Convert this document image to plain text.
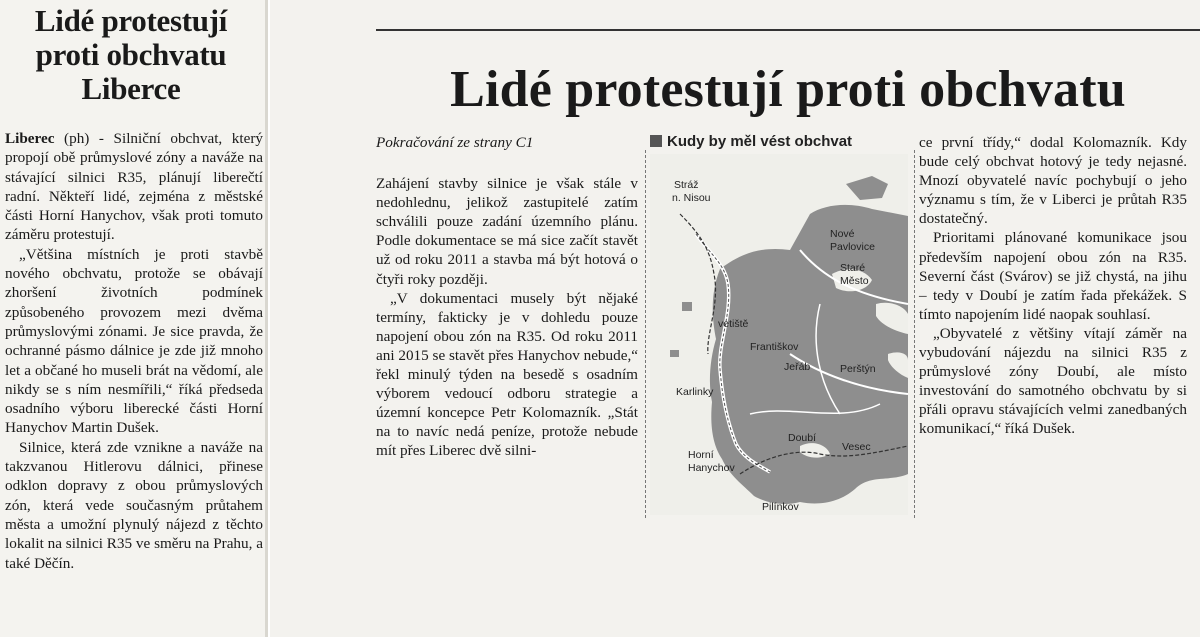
Lidé protestují proti obchvatu
Liberce

Liberec (ph) - Silniční obchvat, který propojí obě průmyslové zóny a naváže na stávající silnici R35, plánují liberečtí radní. Někteří lidé, zejména z městské části Horní Hanychov, však proti tomuto záměru protestují.

„Většina místních je proti stavbě nového obchvatu, protože se obávají zhoršení životních podmínek způsobeného provozem mezi dvěma průmyslovými zónami. Je sice pravda, že ochranné pásmo dálnice je zde již mnoho let a občané ho museli brát na vědomí, ale nikdy se s ním nesmířili,“ říká předseda osadního výboru liberecké části Horní Hanychov Martin Dušek.

Silnice, která zde vznikne a naváže na takzvanou Hitlerovu dálnici, přinese odklon dopravy z obou průmyslových zón, která vede současným průtahem města a umožní plynulý nájezd z těchto lokalit na silnici R35 ve směru na Prahu, a také Děčín.

Lidé protestují proti obchvatu

Pokračování ze strany C1

Zahájení stavby silnice je však stále v nedohlednu, jelikož zastupitelé zatím schválili pouze zadání územního plánu. Podle dokumentace se má sice začít stavět už od roku 2011 a stavba má být hotová o čtyři roky později.

„V dokumentaci musely být nějaké termíny, fakticky je v dohledu pouze napojení obou zón na R35. Od roku 2011 ani 2015 se stavět přes Hanychov nebude,“ řekl minulý týden na besedě s osadním výborem vedoucí odboru strategie a územní koncepce Petr Kolomazník. „Stát na to navíc nedá peníze, protože nebude mít přes Liberec dvě silni-

Kudy by měl vést obchvat
Stráž
n. Nisou
Nové
Pavlovice
Staré
Město
vetiště
Františkov
Jeřáb	Perštýn
Karlinky
Doubí
Vesec
Horní
Hanychov
Pilínkov

ce první třídy,“ dodal Kolomazník. Kdy bude celý obchvat hotový je tedy nejasné. Mnozí obyvatelé navíc pochybují o jeho významu s tím, že v Liberci je průtah R35 dostatečný.

Prioritami plánované komunikace jsou především napojení obou zón na R35. Severní část (Svárov) se již chystá, na jihu – tedy v Doubí je zatím řada překážek. S tímto napojením lidé naopak souhlasí.

„Obyvatelé z většiny vítají záměr na vybudování nájezdu na silnici R35 z průmyslové zóny Doubí, ale místo investování do samotného obchvatu by si přáli opravu stávajících velmi zanedbaných komunikací,“ říká Dušek.
